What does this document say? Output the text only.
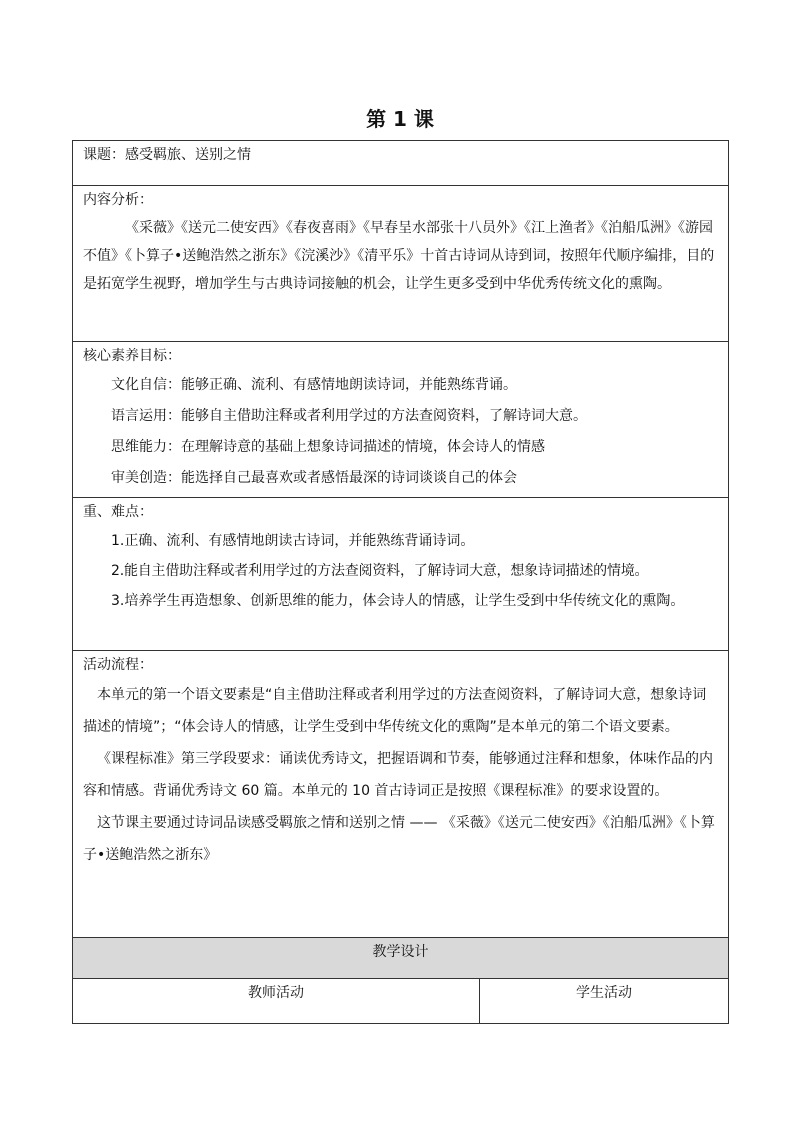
第 1 课
课题：感受羁旅、送别之情

内容分析：

《采薇》《送元二使安西》《春夜喜雨》《早春呈水部张十八员外》《江上渔者》《泊船瓜洲》《游园不值》《卜算子•送鲍浩然之浙东》《浣溪沙》《清平乐》十首古诗词从诗到词，按照年代顺序编排，目的是拓宽学生视野，增加学生与古典诗词接触的机会，让学生更多受到中华优秀传统文化的熏陶。

核心素养目标：

文化自信：能够正确、流利、有感情地朗读诗词，并能熟练背诵。

语言运用：能够自主借助注释或者利用学过的方法查阅资料，了解诗词大意。

思维能力：在理解诗意的基础上想象诗词描述的情境，体会诗人的情感

审美创造：能选择自己最喜欢或者感悟最深的诗词谈谈自己的体会

重、难点：

1.正确、流利、有感情地朗读古诗词，并能熟练背诵诗词。

2.能自主借助注释或者利用学过的方法查阅资料，了解诗词大意，想象诗词描述的情境。

3.培养学生再造想象、创新思维的能力，体会诗人的情感，让学生受到中华传统文化的熏陶。

活动流程：

本单元的第一个语文要素是“自主借助注释或者利用学过的方法查阅资料，了解诗词大意，想象诗词描述的情境”；“体会诗人的情感，让学生受到中华传统文化的熏陶”是本单元的第二个语文要素。

《课程标准》第三学段要求：诵读优秀诗文，把握语调和节奏，能够通过注释和想象，体味作品的内容和情感。背诵优秀诗文 60 篇。本单元的 10 首古诗词正是按照《课程标准》的要求设置的。

这节课主要通过诗词品读感受羁旅之情和送别之情 —— 《采薇》《送元二使安西》《泊船瓜洲》《卜算子•送鲍浩然之浙东》

教学设计
教师活动	学生活动
